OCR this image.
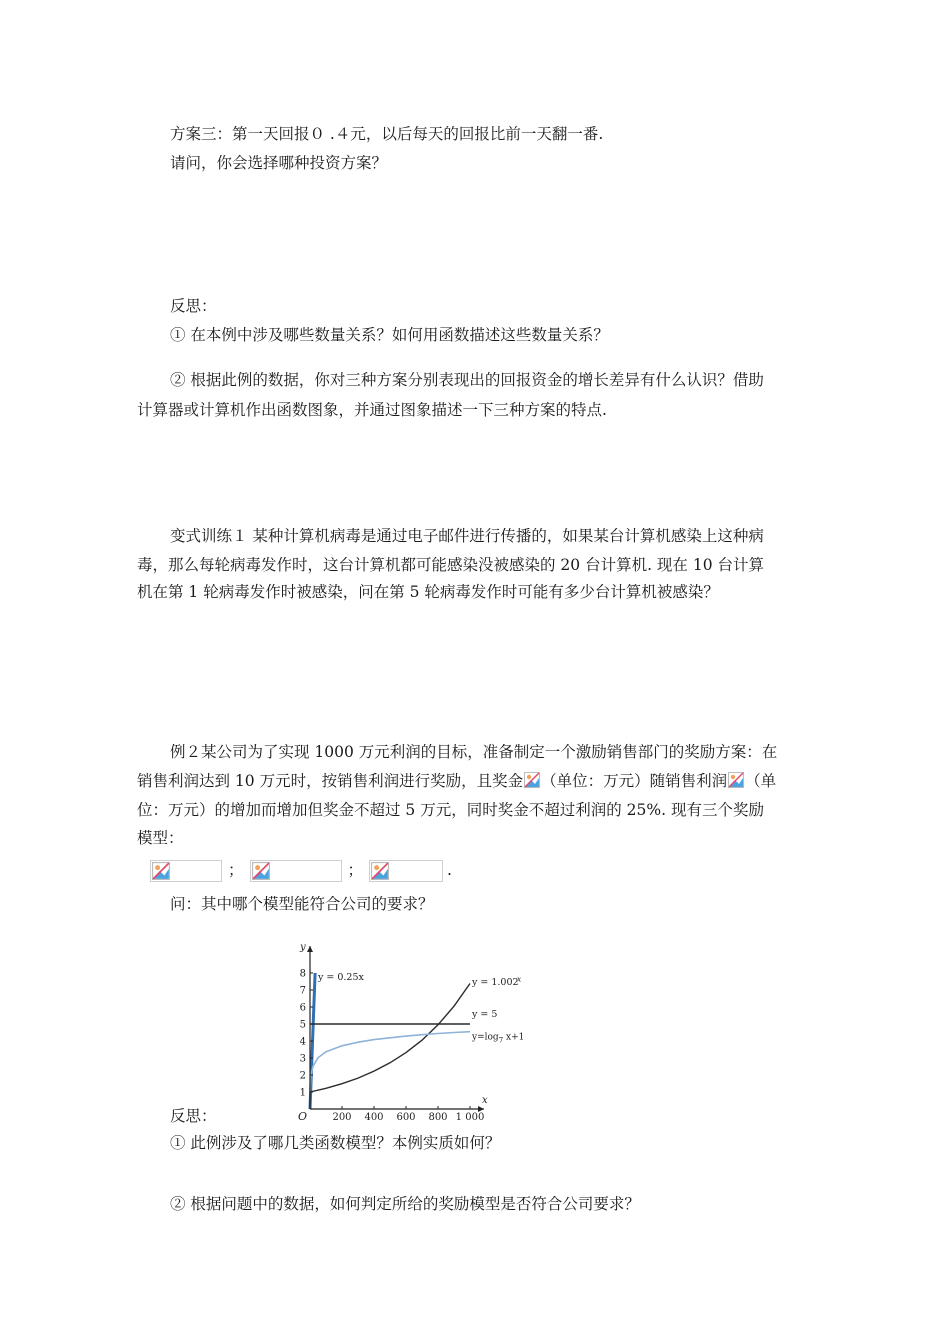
方案三：第一天回报０ .４元，以后每天的回报比前一天翻一番.
请问，你会选择哪种投资方案？
反思：
① 在本例中涉及哪些数量关系？如何用函数描述这些数量关系？
② 根据此例的数据，你对三种方案分别表现出的回报资金的增长差异有什么认识？借助
计算器或计算机作出函数图象，并通过图象描述一下三种方案的特点.
变式训练１ 某种计算机病毒是通过电子邮件进行传播的，如果某台计算机感染上这种病
毒，那么每轮病毒发作时，这台计算机都可能感染没被感染的 20 台计算机. 现在 10 台计算
机在第 1 轮病毒发作时被感染，问在第 5 轮病毒发作时可能有多少台计算机被感染？
例２某公司为了实现 1000 万元利润的目标，准备制定一个激励销售部门的奖励方案：在
销售利润达到 10 万元时，按销售利润进行奖励，且奖金 （单位：万元）随销售利润 （单
位：万元）的增加而增加但奖金不超过 5 万元，同时奖金不超过利润的 25%. 现有三个奖励
模型：
；	；	.
问：其中哪个模型能符合公司的要求？
200 400 600 800 1 000
1
2
3
4
5
6
7
8
x
y
O
y = 0.25x	y = 1.002
x
y = 5
$y=\log_7$ x+1
反思：
① 此例涉及了哪几类函数模型？本例实质如何？
② 根据问题中的数据，如何判定所给的奖励模型是否符合公司要求？
